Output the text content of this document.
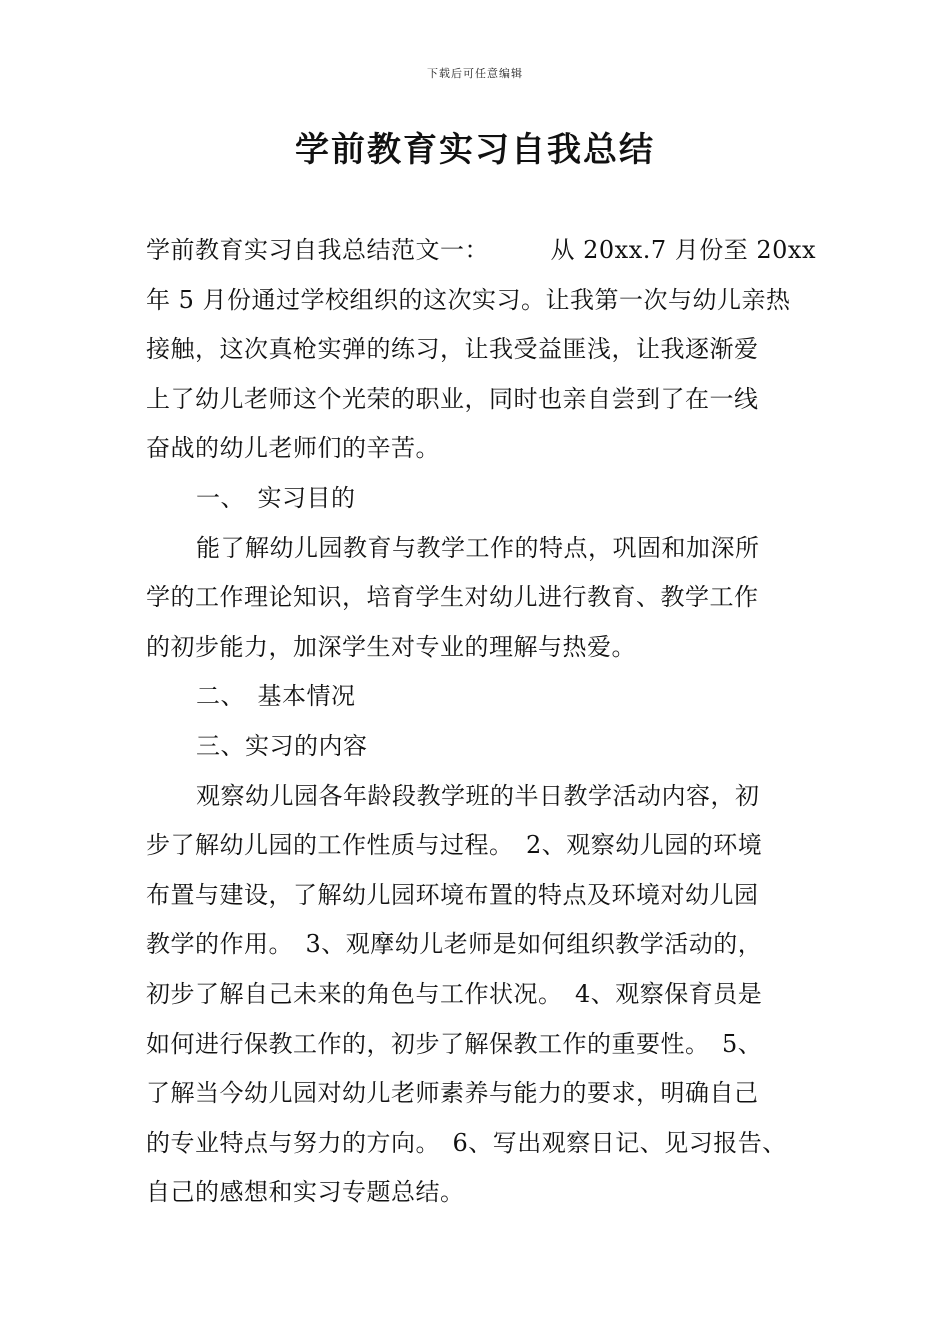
下载后可任意编辑
学前教育实习自我总结
学前教育实习自我总结范文一：　　　从 20xx.7 月份至 20xx
年 5 月份通过学校组织的这次实习。让我第一次与幼儿亲热
接触，这次真枪实弹的练习，让我受益匪浅，让我逐渐爱
上了幼儿老师这个光荣的职业，同时也亲自尝到了在一线
奋战的幼儿老师们的辛苦。
一、　实习目的
能了解幼儿园教育与教学工作的特点，巩固和加深所
学的工作理论知识，培育学生对幼儿进行教育、教学工作
的初步能力，加深学生对专业的理解与热爱。
二、　基本情况
三、实习的内容
观察幼儿园各年龄段教学班的半日教学活动内容，初
步了解幼儿园的工作性质与过程。　2、观察幼儿园的环境
布置与建设，了解幼儿园环境布置的特点及环境对幼儿园
教学的作用。　3、观摩幼儿老师是如何组织教学活动的，
初步了解自己未来的角色与工作状况。　4、观察保育员是
如何进行保教工作的，初步了解保教工作的重要性。　5、
了解当今幼儿园对幼儿老师素养与能力的要求，明确自己
的专业特点与努力的方向。　6、写出观察日记、见习报告、
自己的感想和实习专题总结。
